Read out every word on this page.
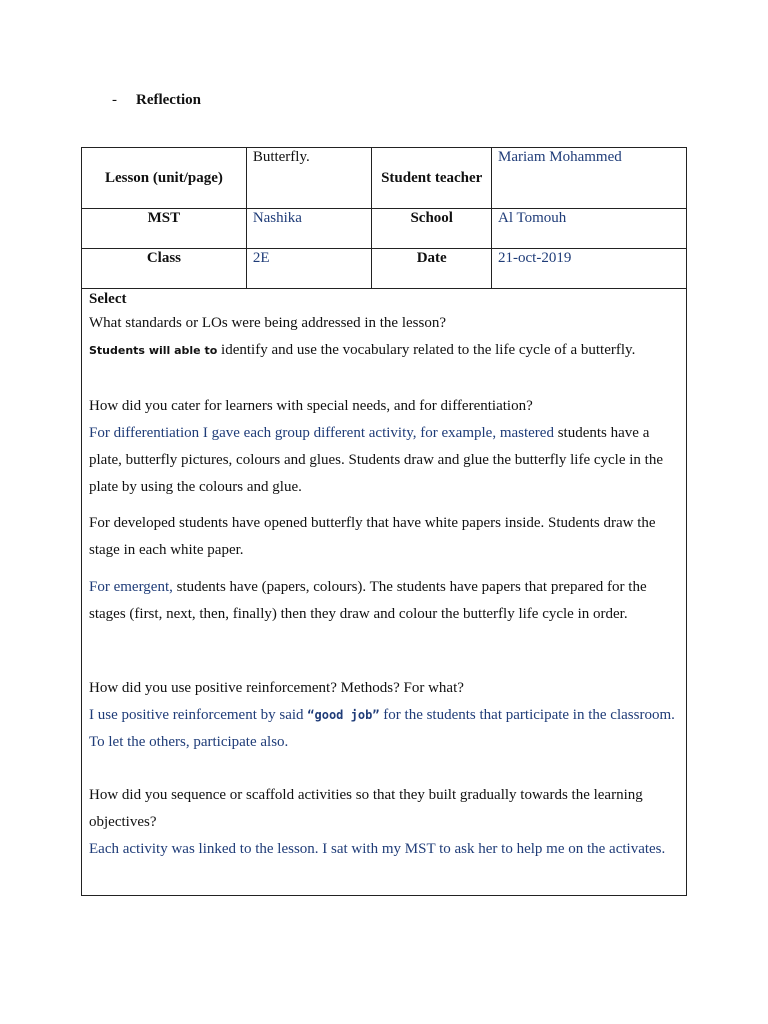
- Reflection
Lesson (unit/page)	Butterfly.	Student teacher	Mariam Mohammed
MST	Nashika	School	Al Tomouh
Class	2E	Date	21-oct-2019

Select

What standards or LOs were being addressed in the lesson?

Students will able to identify and use the vocabulary related to the life cycle of a butterfly.

How did you cater for learners with special needs, and for differentiation?

For differentiation I gave each group different activity, for example, mastered students have a

plate, butterfly pictures, colours and glues. Students draw and glue the butterfly life cycle in the

plate by using the colours and glue.

For developed students have opened butterfly that have white papers inside. Students draw the

stage in each white paper.

For emergent, students have (papers, colours). The students have papers that prepared for the

stages (first, next, then, finally) then they draw and colour the butterfly life cycle in order.

How did you use positive reinforcement? Methods? For what?

I use positive reinforcement by said “good job” for the students that participate in the classroom.

To let the others, participate also.

How did you sequence or scaffold activities so that they built gradually towards the learning

objectives?

Each activity was linked to the lesson. I sat with my MST to ask her to help me on the activates.
